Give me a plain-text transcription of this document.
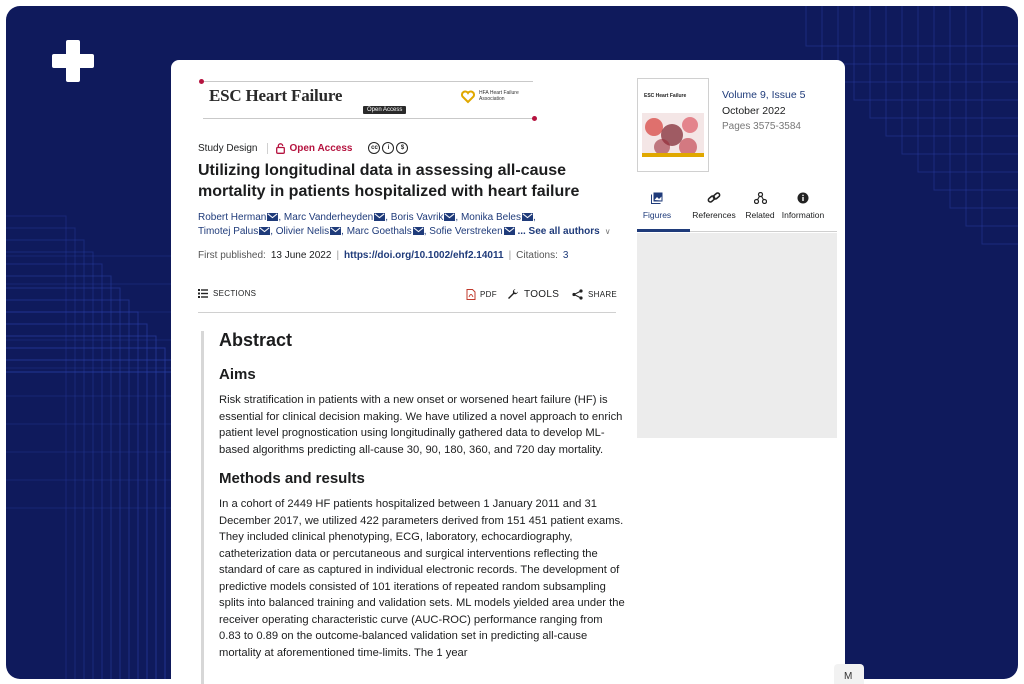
ESC Heart Failure
Open Access
HFA Heart Failure Association
Study Design	Open Access	cc	i	$
Utilizing longitudinal data in assessing all-cause mortality in patients hospitalized with heart failure
Robert Herman , Marc Vanderheyden , Boris Vavrik , Monika Beles ,
Timotej Palus , Olivier Nelis , Marc Goethals , Sofie Verstreken ... See all authors ∨
First published: 13 June 2022 | https://doi.org/10.1002/ehf2.14011 | Citations: 3
SECTIONS	PDF	TOOLS	SHARE
Abstract
Aims

Risk stratification in patients with a new onset or worsened heart failure (HF) is essential for clinical decision making. We have utilized a novel approach to enrich patient level prognostication using longitudinally gathered data to develop ML-based algorithms predicting all-cause 30, 90, 180, 360, and 720 day mortality.

Methods and results

In a cohort of 2449 HF patients hospitalized between 1 January 2011 and 31 December 2017, we utilized 422 parameters derived from 151 451 patient exams. They included clinical phenotyping, ECG, laboratory, echocardiography, catheterization data or percutaneous and surgical interventions reflecting the standard of care as captured in individual electronic records. The development of predictive models consisted of 101 iterations of repeated random subsampling splits into balanced training and validation sets. ML models yielded area under the receiver operating characteristic curve (AUC-ROC) performance ranging from 0.83 to 0.89 on the outcome-balanced validation set in predicting all-cause mortality at aforementioned time-limits. The 1 year

ESC Heart Failure	Volume 9, Issue 5
October 2022
Pages 3575-3584
Figures References Related Information
M
